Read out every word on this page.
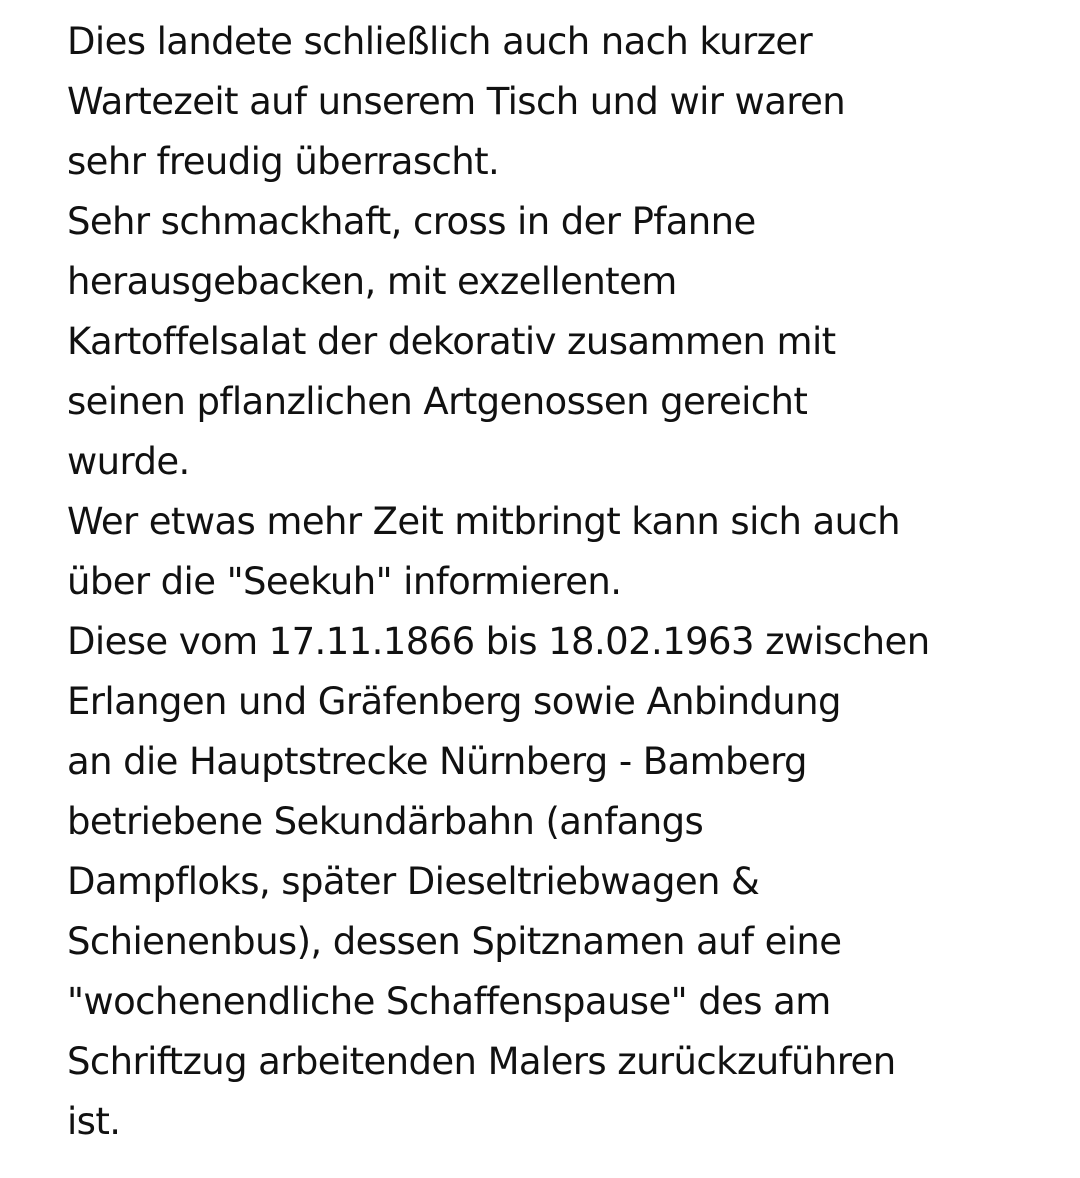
Dies landete schließlich auch nach kurzer
Wartezeit auf unserem Tisch und wir waren
sehr freudig überrascht.
Sehr schmackhaft, cross in der Pfanne
herausgebacken, mit exzellentem
Kartoffelsalat der dekorativ zusammen mit
seinen pflanzlichen Artgenossen gereicht
wurde.
Wer etwas mehr Zeit mitbringt kann sich auch
über die "Seekuh" informieren.
Diese vom 17.11.1866 bis 18.02.1963 zwischen
Erlangen und Gräfenberg sowie Anbindung
an die Hauptstrecke Nürnberg - Bamberg
betriebene Sekundärbahn (anfangs
Dampfloks, später Dieseltriebwagen &
Schienenbus), dessen Spitznamen auf eine
"wochenendliche Schaffenspause" des am
Schriftzug arbeitenden Malers zurückzuführen
ist.
